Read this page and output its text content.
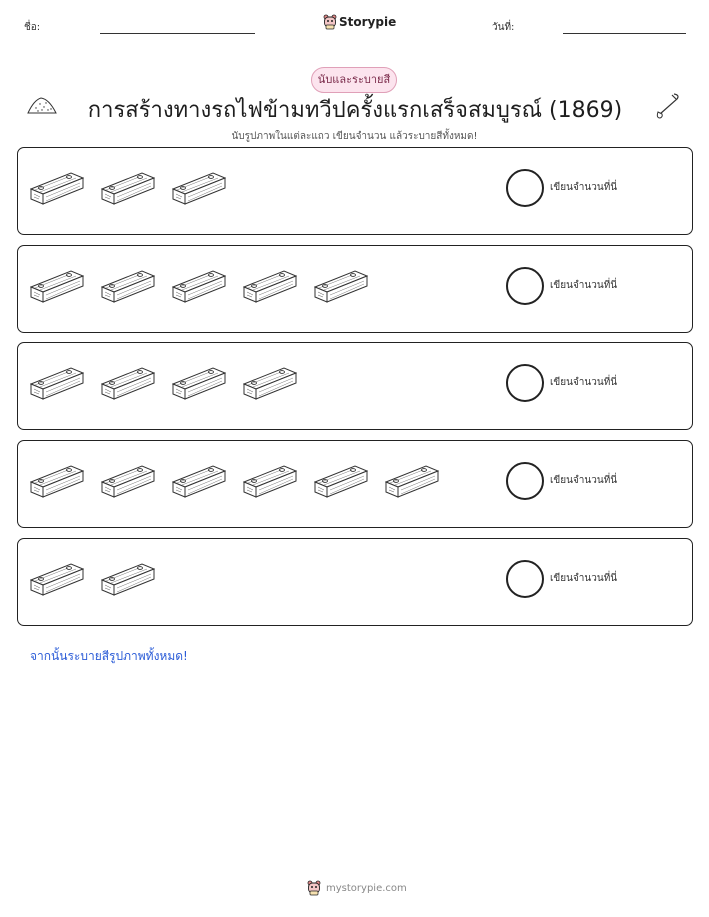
ชื่อ:	Storypie	วันที่:
นับและระบายสี
การสร้างทางรถไฟข้ามทวีปครั้งแรกเสร็จสมบูรณ์ (1869)
นับรูปภาพในแต่ละแถว เขียนจำนวน แล้วระบายสีทั้งหมด!
เขียนจำนวนที่นี่
เขียนจำนวนที่นี่
เขียนจำนวนที่นี่
เขียนจำนวนที่นี่
เขียนจำนวนที่นี่
จากนั้นระบายสีรูปภาพทั้งหมด!
mystorypie.com
